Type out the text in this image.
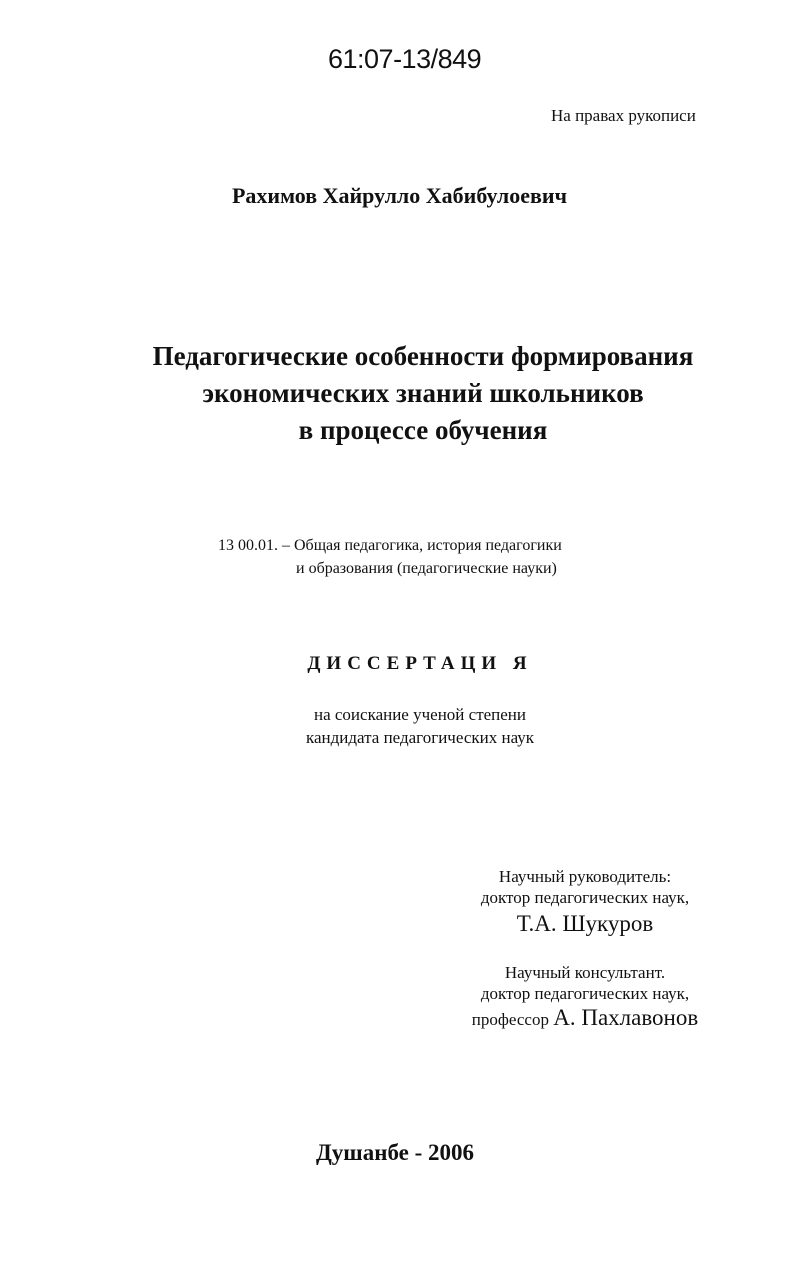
61:07-13/849
На правах рукописи
Рахимов Хайрулло Хабибулоевич
Педагогические особенности формирования
экономических знаний школьников
в процессе обучения
13 00.01. – Общая педагогика, история педагогики
и образования (педагогические науки)
ДИССЕРТАЦИ Я
на соискание ученой степени
кандидата педагогических наук
Научный руководитель:
доктор педагогических наук,
Т.А. Шукуров
Научный консультант.
доктор педагогических наук,
профессор А. Пахлавонов
Душанбе - 2006
